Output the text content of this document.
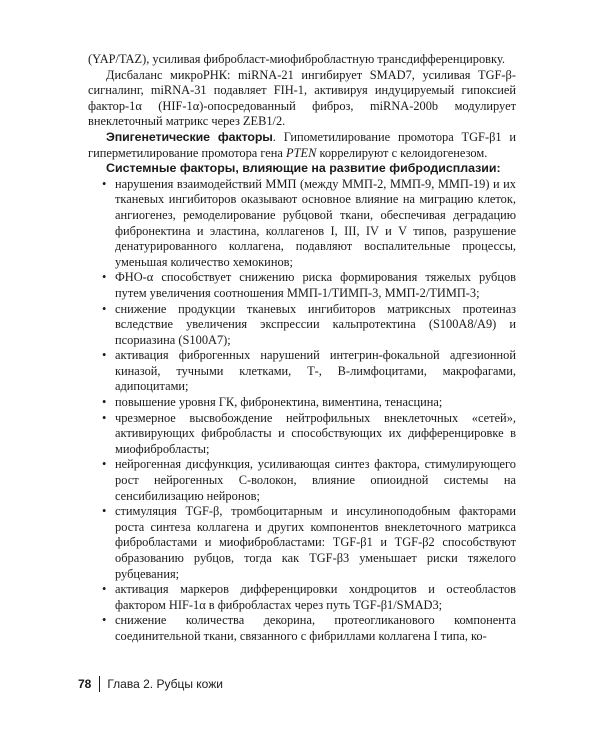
(YAP/TAZ), усиливая фибробласт-миофибробластную трансдифференцировку.

Дисбаланс микроРНК: miRNA-21 ингибирует SMAD7, усиливая TGF-β-сигналинг, miRNA-31 подавляет FIH-1, активируя индуцируемый гипоксией фактор-1α (HIF-1α)-опосредованный фиброз, miRNA-200b модулирует внеклеточный матрикс через ZEB1/2.

Эпигенетические факторы. Гипометилирование промотора TGF-β1 и гиперметилирование промотора гена PTEN коррелируют с келоидогенезом.

Системные факторы, влияющие на развитие фибродисплазии:

• нарушения взаимодействий ММП (между ММП-2, ММП-9, ММП-19) и их тканевых ингибиторов оказывают основное влияние на миграцию клеток, ангиогенез, ремоделирование рубцовой ткани, обеспечивая деградацию фибронектина и эластина, коллагенов I, III, IV и V типов, разрушение денатурированного коллагена, подавляют воспалительные процессы, уменьшая количество хемокинов;
• ФНО-α способствует снижению риска формирования тяжелых рубцов путем увеличения соотношения ММП-1/ТИМП-3, ММП-2/ТИМП-3;
• снижение продукции тканевых ингибиторов матриксных протеиназ вследствие увеличения экспрессии кальпротектина (S100A8/A9) и псориазина (S100A7);
• активация фиброгенных нарушений интегрин-фокальной адгезионной киназой, тучными клетками, Т-, В-лимфоцитами, макрофагами, адипоцитами;
• повышение уровня ГК, фибронектина, виментина, тенасцина;
• чрезмерное высвобождение нейтрофильных внеклеточных «сетей», активирующих фибробласты и способствующих их дифференцировке в миофибробласты;
• нейрогенная дисфункция, усиливающая синтез фактора, стимулирующего рост нейрогенных С-волокон, влияние опиоидной системы на сенсибилизацию нейронов;
• стимуляция TGF-β, тромбоцитарным и инсулиноподобным факторами роста синтеза коллагена и других компонентов внеклеточного матрикса фибробластами и миофибробластами: TGF-β1 и TGF-β2 способствуют образованию рубцов, тогда как TGF-β3 уменьшает риски тяжелого рубцевания;
• активация маркеров дифференцировки хондроцитов и остеобластов фактором HIF-1α в фибробластах через путь TGF-β1/SMAD3;
• снижение количества декорина, протеогликанового компонента соединительной ткани, связанного с фибриллами коллагена I типа, ко-
78 Глава 2. Рубцы кожи
